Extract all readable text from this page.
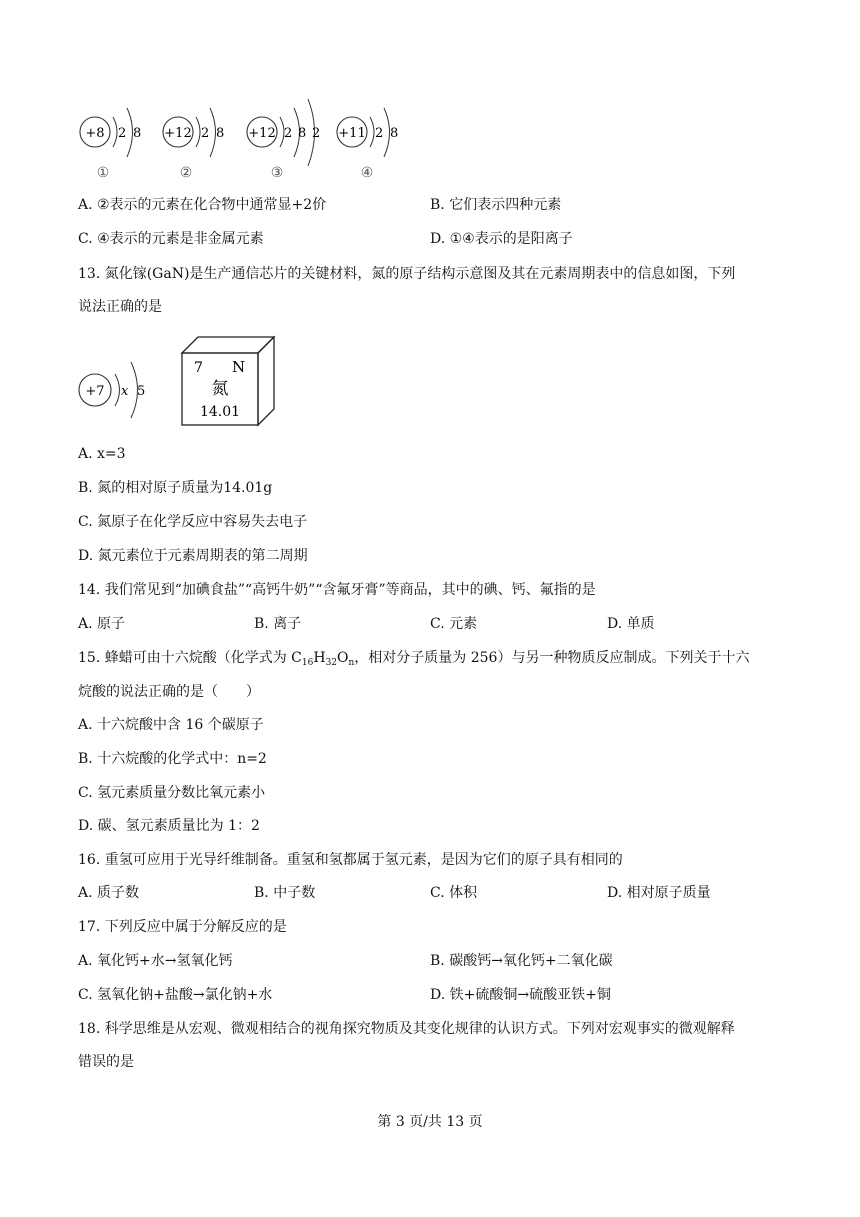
+8 2 8
①
+12 2 8
②
+12 2 8 2
③
+11 2 8
④
A. ②表示的元素在化合物中通常显+2价	B. 它们表示四种元素
C. ④表示的元素是非金属元素	D. ①④表示的是阳离子
13. 氮化镓(GaN)是生产通信芯片的关键材料，氮的原子结构示意图及其在元素周期表中的信息如图，下列
说法正确的是
+7 x 5
7 N
氮
14.01
A. x=3
B. 氮的相对原子质量为14.01g
C. 氮原子在化学反应中容易失去电子
D. 氮元素位于元素周期表的第二周期
14. 我们常见到“加碘食盐”“高钙牛奶”“含氟牙膏”等商品，其中的碘、钙、氟指的是
A. 原子	B. 离子	C. 元素	D. 单质
15. 蜂蜡可由十六烷酸（化学式为 $C_{16}H_{32}O_n$，相对分子质量为 256）与另一种物质反应制成。下列关于十六
烷酸的说法正确的是（　　）
A. 十六烷酸中含 16 个碳原子
B. 十六烷酸的化学式中：n=2
C. 氢元素质量分数比氧元素小
D. 碳、氢元素质量比为 1：2
16. 重氢可应用于光导纤维制备。重氢和氢都属于氢元素，是因为它们的原子具有相同的
A. 质子数	B. 中子数	C. 体积	D. 相对原子质量
17. 下列反应中属于分解反应的是
A. 氧化钙+水→氢氧化钙	B. 碳酸钙→氧化钙+二氧化碳
C. 氢氧化钠+盐酸→氯化钠+水	D. 铁+硫酸铜→硫酸亚铁+铜
18. 科学思维是从宏观、微观相结合的视角探究物质及其变化规律的认识方式。下列对宏观事实的微观解释
错误的是
第 3 页/共 13 页
